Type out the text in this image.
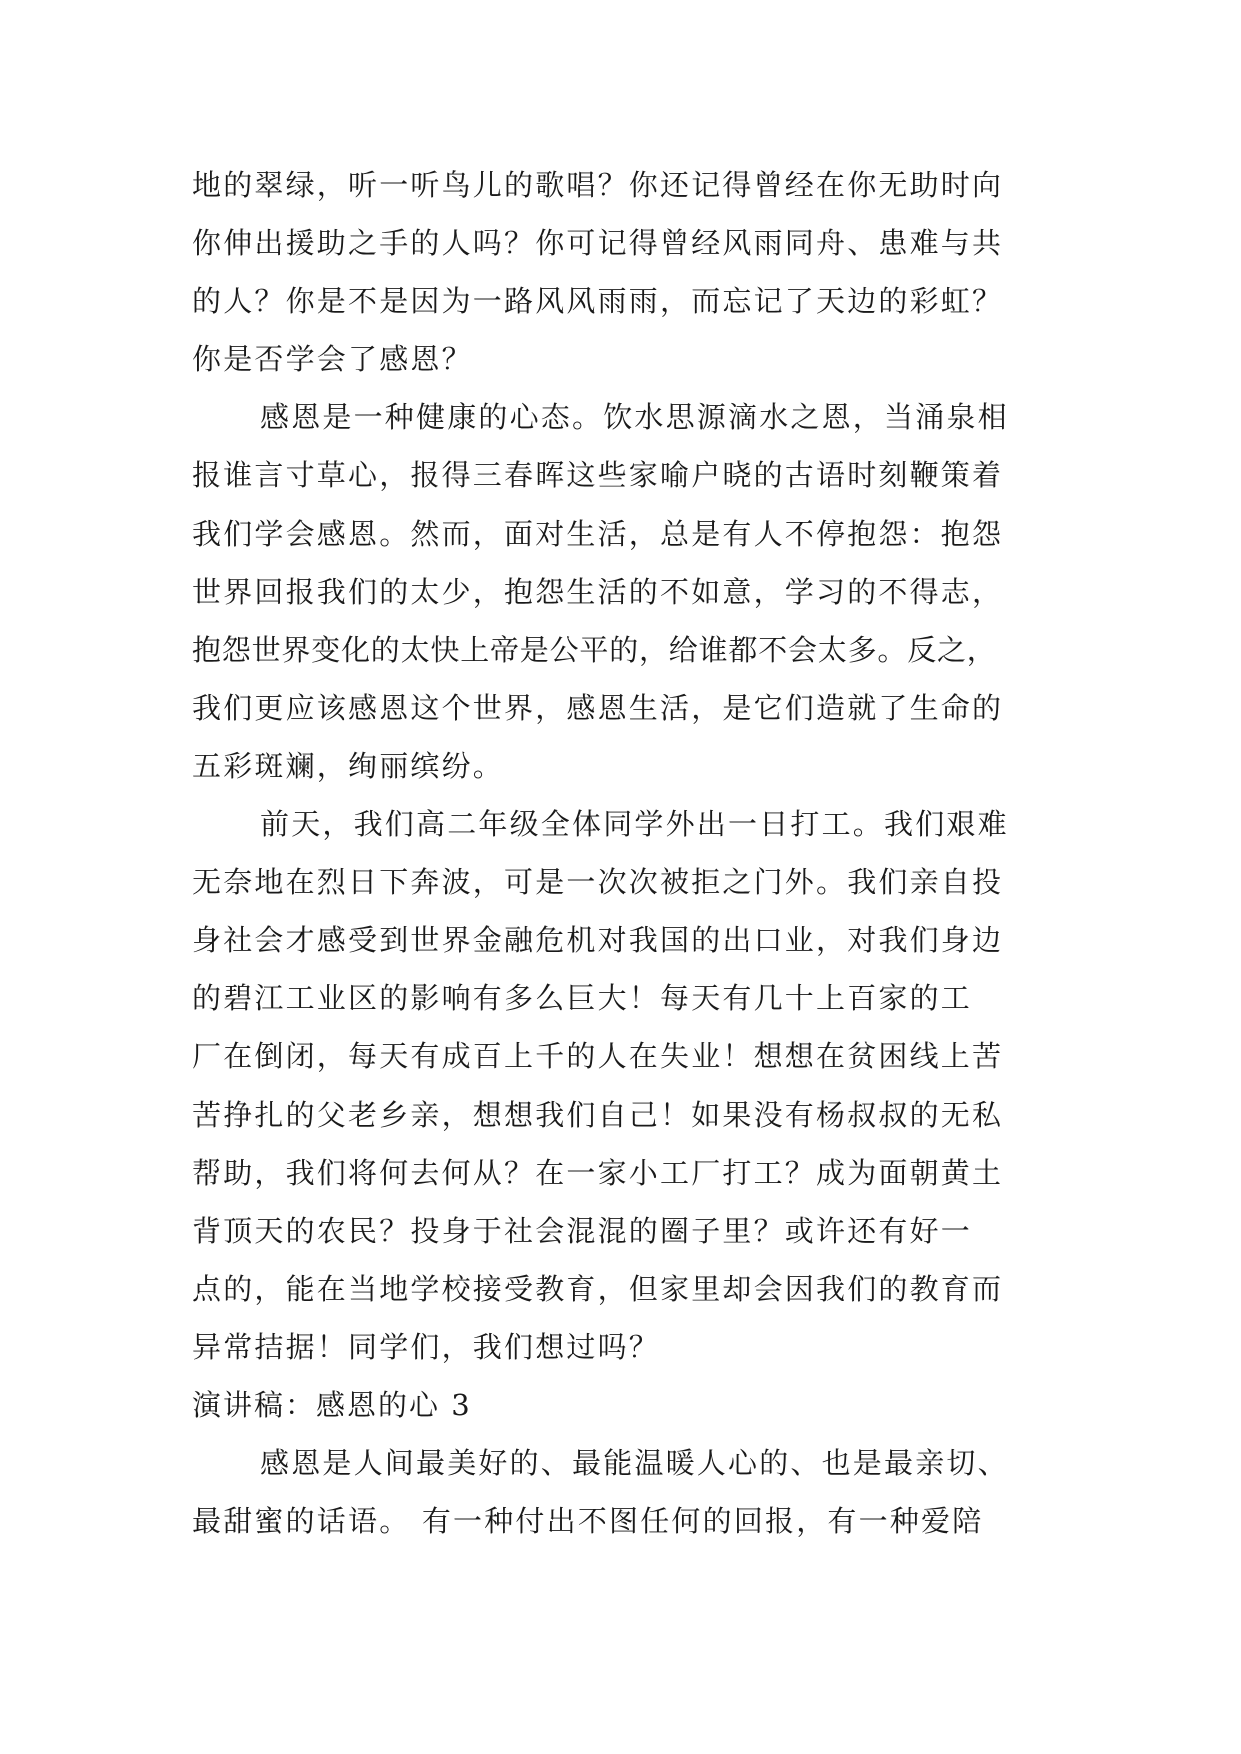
地的翠绿，听一听鸟儿的歌唱？你还记得曾经在你无助时向
你伸出援助之手的人吗？你可记得曾经风雨同舟、患难与共
的人？你是不是因为一路风风雨雨，而忘记了天边的彩虹？
你是否学会了感恩？
感恩是一种健康的心态。饮水思源滴水之恩，当涌泉相
报谁言寸草心，报得三春晖这些家喻户晓的古语时刻鞭策着
我们学会感恩。然而，面对生活，总是有人不停抱怨：抱怨
世界回报我们的太少，抱怨生活的不如意，学习的不得志，
抱怨世界变化的太快上帝是公平的，给谁都不会太多。反之，
我们更应该感恩这个世界，感恩生活，是它们造就了生命的
五彩斑斓，绚丽缤纷。
前天，我们高二年级全体同学外出一日打工。我们艰难
无奈地在烈日下奔波，可是一次次被拒之门外。我们亲自投
身社会才感受到世界金融危机对我国的出口业，对我们身边
的碧江工业区的影响有多么巨大！每天有几十上百家的工
厂在倒闭，每天有成百上千的人在失业！想想在贫困线上苦
苦挣扎的父老乡亲，想想我们自己！如果没有杨叔叔的无私
帮助，我们将何去何从？在一家小工厂打工？成为面朝黄土
背顶天的农民？投身于社会混混的圈子里？或许还有好一
点的，能在当地学校接受教育，但家里却会因我们的教育而
异常拮据！同学们，我们想过吗？
演讲稿：感恩的心 3
感恩是人间最美好的、最能温暖人心的、也是最亲切、
最甜蜜的话语。 有一种付出不图任何的回报，有一种爱陪
